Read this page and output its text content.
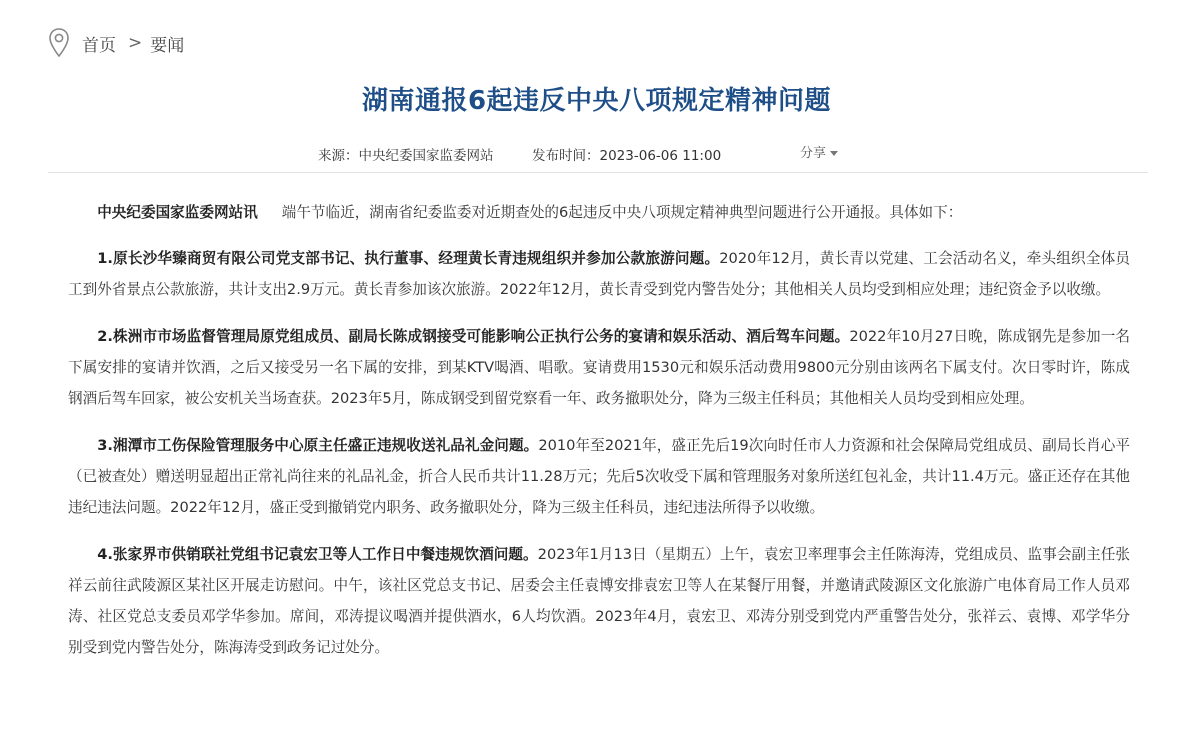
首页 > 要闻
湖南通报6起违反中央八项规定精神问题
来源：中央纪委国家监委网站	发布时间：2023-06-06 11:00	分享

中央纪委国家监委网站讯 端午节临近，湖南省纪委监委对近期查处的6起违反中央八项规定精神典型问题进行公开通报。具体如下：

1.原长沙华臻商贸有限公司党支部书记、执行董事、经理黄长青违规组织并参加公款旅游问题。2020年12月，黄长青以党建、工会活动名义，牵头组织全体员工到外省景点公款旅游，共计支出2.9万元。黄长青参加该次旅游。2022年12月，黄长青受到党内警告处分；其他相关人员均受到相应处理；违纪资金予以收缴。

2.株洲市市场监督管理局原党组成员、副局长陈成钢接受可能影响公正执行公务的宴请和娱乐活动、酒后驾车问题。2022年10月27日晚，陈成钢先是参加一名下属安排的宴请并饮酒，之后又接受另一名下属的安排，到某KTV喝酒、唱歌。宴请费用1530元和娱乐活动费用9800元分别由该两名下属支付。次日零时许，陈成钢酒后驾车回家，被公安机关当场查获。2023年5月，陈成钢受到留党察看一年、政务撤职处分，降为三级主任科员；其他相关人员均受到相应处理。

3.湘潭市工伤保险管理服务中心原主任盛正违规收送礼品礼金问题。2010年至2021年，盛正先后19次向时任市人力资源和社会保障局党组成员、副局长肖心平（已被查处）赠送明显超出正常礼尚往来的礼品礼金，折合人民币共计11.28万元；先后5次收受下属和管理服务对象所送红包礼金，共计11.4万元。盛正还存在其他违纪违法问题。2022年12月，盛正受到撤销党内职务、政务撤职处分，降为三级主任科员，违纪违法所得予以收缴。

4.张家界市供销联社党组书记袁宏卫等人工作日中餐违规饮酒问题。2023年1月13日（星期五）上午，袁宏卫率理事会主任陈海涛，党组成员、监事会副主任张祥云前往武陵源区某社区开展走访慰问。中午，该社区党总支书记、居委会主任袁博安排袁宏卫等人在某餐厅用餐，并邀请武陵源区文化旅游广电体育局工作人员邓涛、社区党总支委员邓学华参加。席间，邓涛提议喝酒并提供酒水，6人均饮酒。2023年4月，袁宏卫、邓涛分别受到党内严重警告处分，张祥云、袁博、邓学华分别受到党内警告处分，陈海涛受到政务记过处分。
